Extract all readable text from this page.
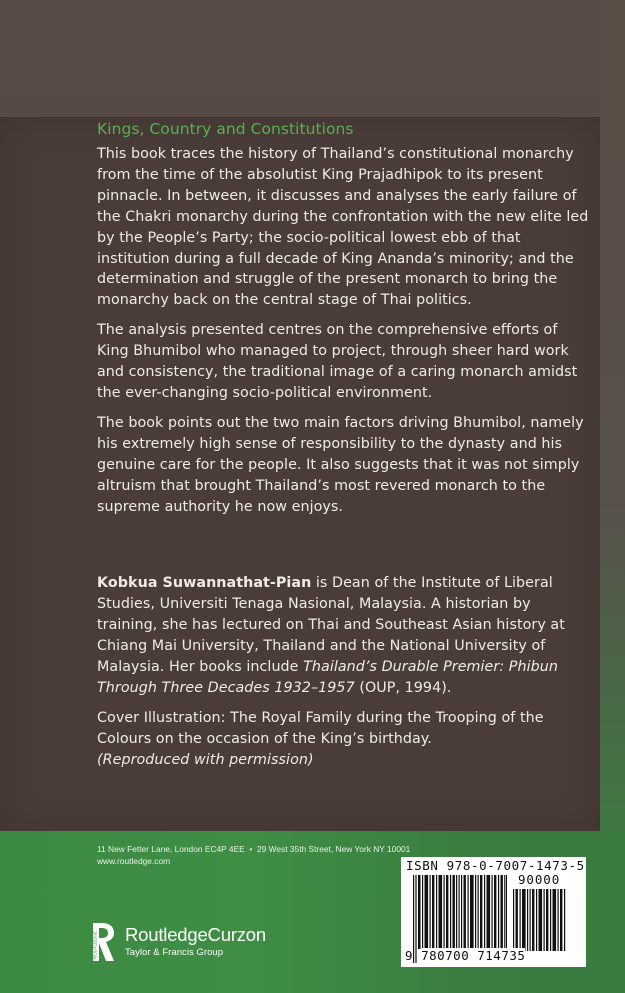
Kings, Country and Constitutions

This book traces the history of Thailand’s constitutional monarchy from the time of the absolutist King Prajadhipok to its present pinnacle. In between, it discusses and analyses the early failure of the Chakri monarchy during the confrontation with the new elite led by the People’s Party; the socio-political lowest ebb of that institution during a full decade of King Ananda’s minority; and the determination and struggle of the present monarch to bring the monarchy back on the central stage of Thai politics.

The analysis presented centres on the comprehensive efforts of King Bhumibol who managed to project, through sheer hard work and consistency, the traditional image of a caring monarch amidst the ever-changing socio-political environment.

The book points out the two main factors driving Bhumibol, namely his extremely high sense of responsibility to the dynasty and his genuine care for the people. It also suggests that it was not simply altruism that brought Thailand’s most revered monarch to the supreme authority he now enjoys.

Kobkua Suwannathat-Pian is Dean of the Institute of Liberal Studies, Universiti Tenaga Nasional, Malaysia. A historian by training, she has lectured on Thai and Southeast Asian history at Chiang Mai University, Thailand and the National University of Malaysia. Her books include Thailand’s Durable Premier: Phibun Through Three Decades 1932–1957 (OUP, 1994).

Cover Illustration: The Royal Family during the Trooping of the Colours on the occasion of the King’s birthday.
(Reproduced with permission)

11 New Fetter Lane, London EC4P 4EE  •  29 West 35th Street, New York NY 10001
www.routledge.com
ROUTLEDGE RoutledgeCurzon
Taylor & Francis Group
ISBN 978-0-7007-1473-5
90000
9 780700 714735
